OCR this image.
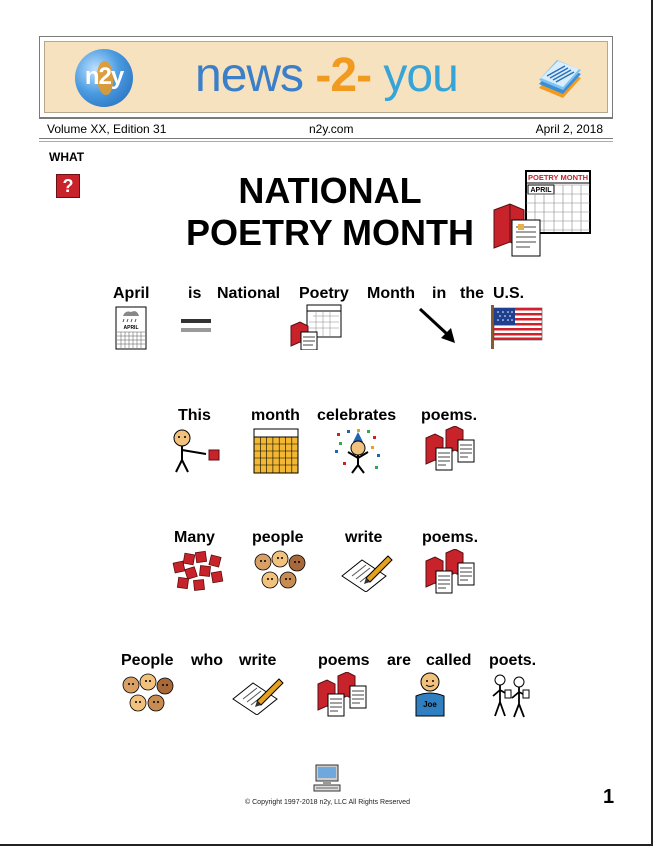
n2y news -2- you
Volume XX, Edition 31	n2y.com	April 2, 2018
WHAT
?	NATIONAL
POETRY MONTH
POETRY MONTH
APRIL
April is National Poetry Month in the U.S.
APRIL
This	month celebrates poems.
Many people	write poems.
People who write	poems are called poets.
Joe
© Copyright 1997-2018 n2y, LLC All Rights Reserved	1
